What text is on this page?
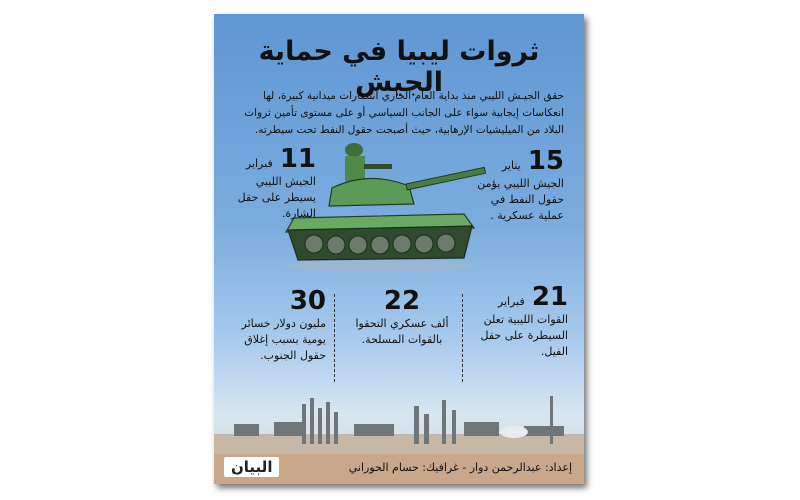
ثروات ليبيا في حماية الجيش
حقق الجيـش الليبي منذ بداية العام الجاري انتصارات ميدانية كبيرة، لها انعكاسات إيجابية سواء على الجانب السياسي أو على مستوى تأمين ثروات البلاد من الميليشيات الإرهابية، حيث أصبحت حقول النفط تحت سيطرته.
15 يناير
الجيش الليبي يؤمن حقول النفط في عملية عسكرية .
11 فبراير
الجيش الليبي يسيطر على حقل الشارة.
21 فبراير
القوات الليبية تعلن السيطرة على حقل الفيل.
22
ألف عسكري التحقوا بالقوات المسلحة.
30
مليون دولار خسائر يومية بسبب إغلاق حقول الجنوب.
إعداد: عبدالرحمن دوار - غرافيك: حسام الحوراني
البيان
